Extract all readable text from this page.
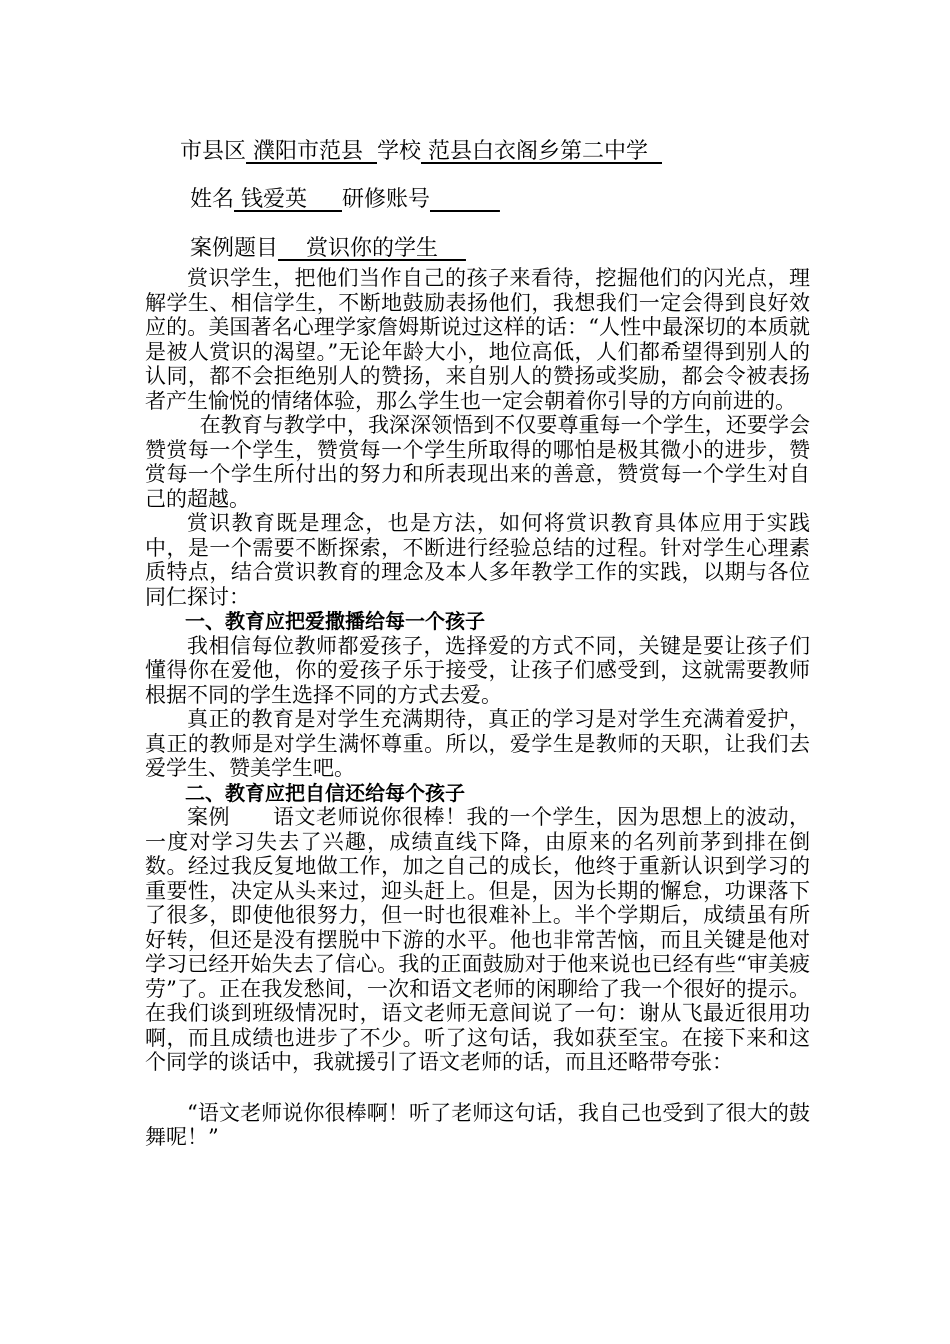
市县区 濮阳市范县  学校 范县白衣阁乡第二中学
姓名 钱爱英     研修账号
案例题目    赏识你的学生

赏识学生，把他们当作自己的孩子来看待，挖掘他们的闪光点，理解学生、相信学生，不断地鼓励表扬他们，我想我们一定会得到良好效应的。美国著名心理学家詹姆斯说过这样的话：“人性中最深切的本质就是被人赏识的渴望。”无论年龄大小，地位高低，人们都希望得到别人的认同，都不会拒绝别人的赞扬，来自别人的赞扬或奖励，都会令被表扬者产生愉悦的情绪体验，那么学生也一定会朝着你引导的方向前进的。

在教育与教学中，我深深领悟到不仅要尊重每一个学生，还要学会赞赏每一个学生，赞赏每一个学生所取得的哪怕是极其微小的进步，赞赏每一个学生所付出的努力和所表现出来的善意，赞赏每一个学生对自己的超越。

赏识教育既是理念，也是方法，如何将赏识教育具体应用于实践中，是一个需要不断探索，不断进行经验总结的过程。针对学生心理素质特点，结合赏识教育的理念及本人多年教学工作的实践，以期与各位同仁探讨：

一、教育应把爱撒播给每一个孩子

我相信每位教师都爱孩子，选择爱的方式不同，关键是要让孩子们懂得你在爱他，你的爱孩子乐于接受，让孩子们感受到，这就需要教师根据不同的学生选择不同的方式去爱。

真正的教育是对学生充满期待，真正的学习是对学生充满着爱护，真正的教师是对学生满怀尊重。所以，爱学生是教师的天职，让我们去爱学生、赞美学生吧。

二、教育应把自信还给每个孩子

案例　　语文老师说你很棒！我的一个学生，因为思想上的波动，一度对学习失去了兴趣，成绩直线下降，由原来的名列前茅到排在倒数。经过我反复地做工作，加之自己的成长，他终于重新认识到学习的重要性，决定从头来过，迎头赶上。但是，因为长期的懈怠，功课落下了很多，即使他很努力，但一时也很难补上。半个学期后，成绩虽有所好转，但还是没有摆脱中下游的水平。他也非常苦恼，而且关键是他对学习已经开始失去了信心。我的正面鼓励对于他来说也已经有些“审美疲劳”了。正在我发愁间，一次和语文老师的闲聊给了我一个很好的提示。在我们谈到班级情况时，语文老师无意间说了一句：谢从飞最近很用功啊，而且成绩也进步了不少。听了这句话，我如获至宝。在接下来和这个同学的谈话中，我就援引了语文老师的话，而且还略带夸张：

“语文老师说你很棒啊！听了老师这句话，我自己也受到了很大的鼓舞呢！”
